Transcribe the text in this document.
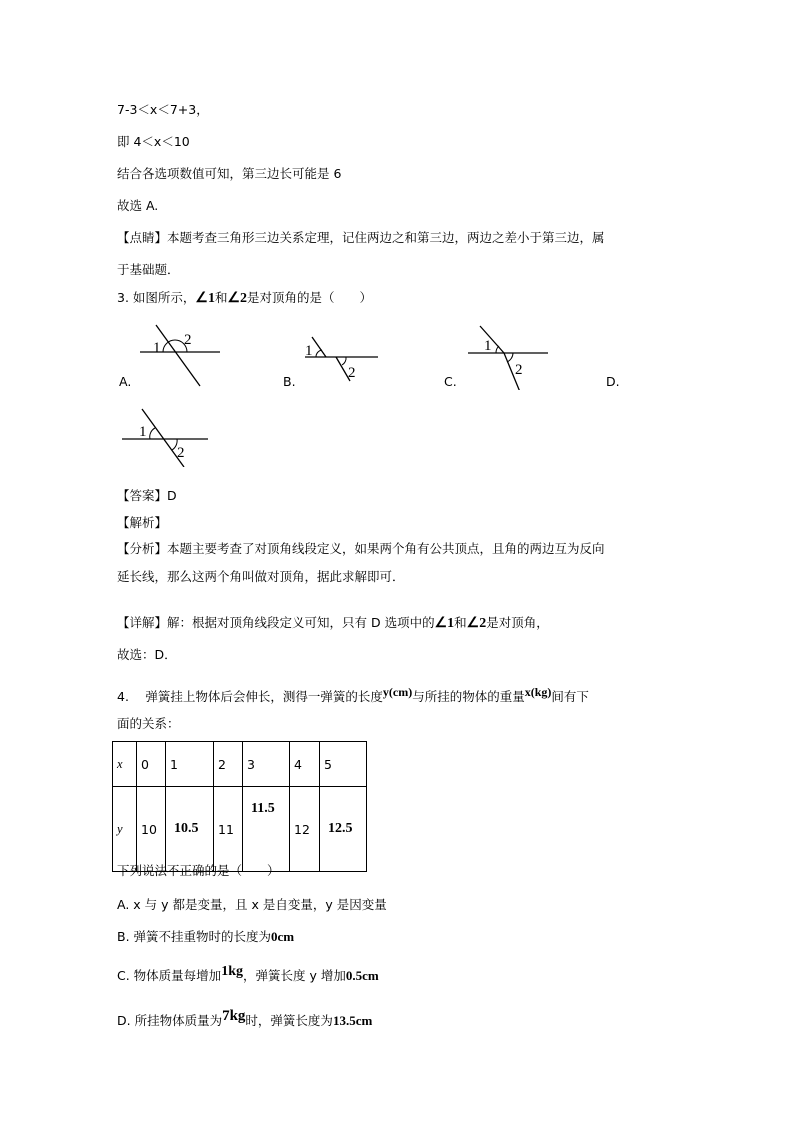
7-3＜x＜7+3，
即 4＜x＜10
结合各选项数值可知，第三边长可能是 6
故选 A.
【点睛】本题考查三角形三边关系定理，记住两边之和第三边，两边之差小于第三边，属
于基础题．
3. 如图所示，∠1和∠2是对顶角的是（　　）
1 2
1
2
1
2
1
2
A.	B.	C.	D.
【答案】D
【解析】
【分析】本题主要考查了对顶角线段定义，如果两个角有公共顶点，且角的两边互为反向
延长线，那么这两个角叫做对顶角，据此求解即可．
【详解】解：根据对顶角线段定义可知，只有 D 选项中的∠1和∠2是对顶角，
故选：D．
4.　 弹簧挂上物体后会伸长，测得一弹簧的长度$^{y(cm)}$与所挂的物体的重量$^{x(kg)}$间有下
面的关系：
x	0	1	2	3	4	5
y	10	10.5	11	11.5	12	12.5
下列说法不正确的是（　　）
A. x 与 y 都是变量，且 x 是自变量，y 是因变量
B. 弹簧不挂重物时的长度为0cm
C. 物体质量每增加$^{1kg}$，弹簧长度 y 增加0.5cm
D. 所挂物体质量为$^{7kg}$时，弹簧长度为13.5cm
